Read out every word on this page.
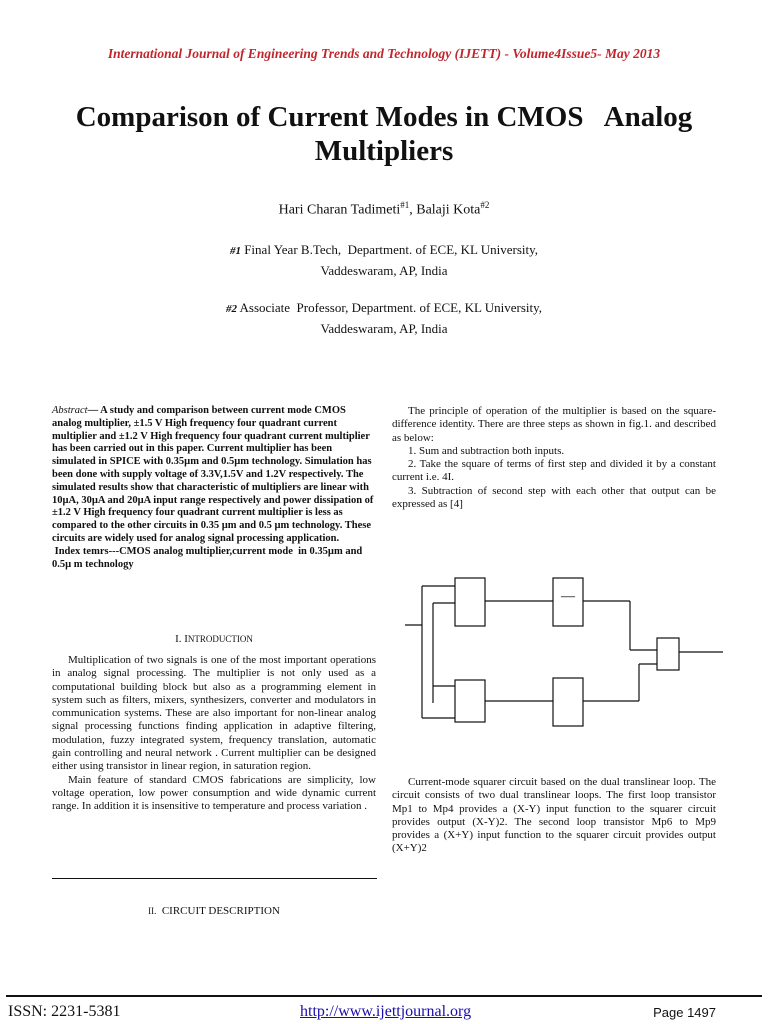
International Journal of Engineering Trends and Technology (IJETT) - Volume4Issue5- May 2013
Comparison of Current Modes in CMOS   Analog
Multipliers
Hari Charan Tadimeti$^{\#1}$, Balaji Kota$^{\#2}$
#1 Final Year B.Tech,  Department. of ECE, KL University,
Vaddeswaram, AP, India
#2 Associate  Professor, Department. of ECE, KL University,
Vaddeswaram, AP, India
Abstract— A study and comparison between current mode CMOS analog multiplier, ±1.5 V High frequency four quadrant current multiplier and ±1.2 V High frequency four quadrant current multiplier has been carried out in this paper. Current multiplier has been simulated in SPICE with 0.35µm and 0.5µm technology. Simulation has been done with supply voltage of 3.3V,1.5V and 1.2V respectively. The simulated results show that characteristic of multipliers are linear with 10µA, 30µA and 20µA input range respectively and power dissipation of ±1.2 V High frequency four quadrant current multiplier is less as compared to the other circuits in 0.35 µm and 0.5 µm technology. These circuits are widely used for analog signal processing application.
Index temrs---CMOS analog multiplier,current mode  in 0.35µm and 0.5µ m technology
I. INTRODUCTION

Multiplication of two signals is one of the most important operations in analog signal processing. The multiplier is not only used as a computational building block but also as a programming element in system such as filters, mixers, synthesizers, converter and modulators in communication systems. These are also important for non-linear analog signal processing functions finding application in adaptive filtering, modulation, fuzzy integrated system, frequency translation, automatic gain controlling and neural network . Current multiplier can be designed either using transistor in linear region, in saturation region.

Main feature of standard CMOS fabrications are simplicity, low voltage operation, low power consumption and wide dynamic current range. In addition it is insensitive to temperature and process variation .

II. CIRCUIT DESCRIPTION

The principle of operation of the multiplier is based on the square-difference identity. There are three steps as shown in fig.1. and described as below:

1. Sum and subtraction both inputs.

2. Take the square of terms of first step and divided it by a constant current i.e. 4I.

3. Subtraction of second step with each other that output can be expressed as [4]

—

Current-mode squarer circuit based on the dual translinear loop. The circuit consists of two dual translinear loops. The first loop transistor Mp1 to Mp4 provides a (X-Y) input function to the squarer circuit provides output (X-Y)2. The second loop transistor Mp6 to Mp9 provides a (X+Y) input function to the squarer circuit provides output (X+Y)2

ISSN: 2231-5381	http://www.ijettjournal.org	Page 1497
